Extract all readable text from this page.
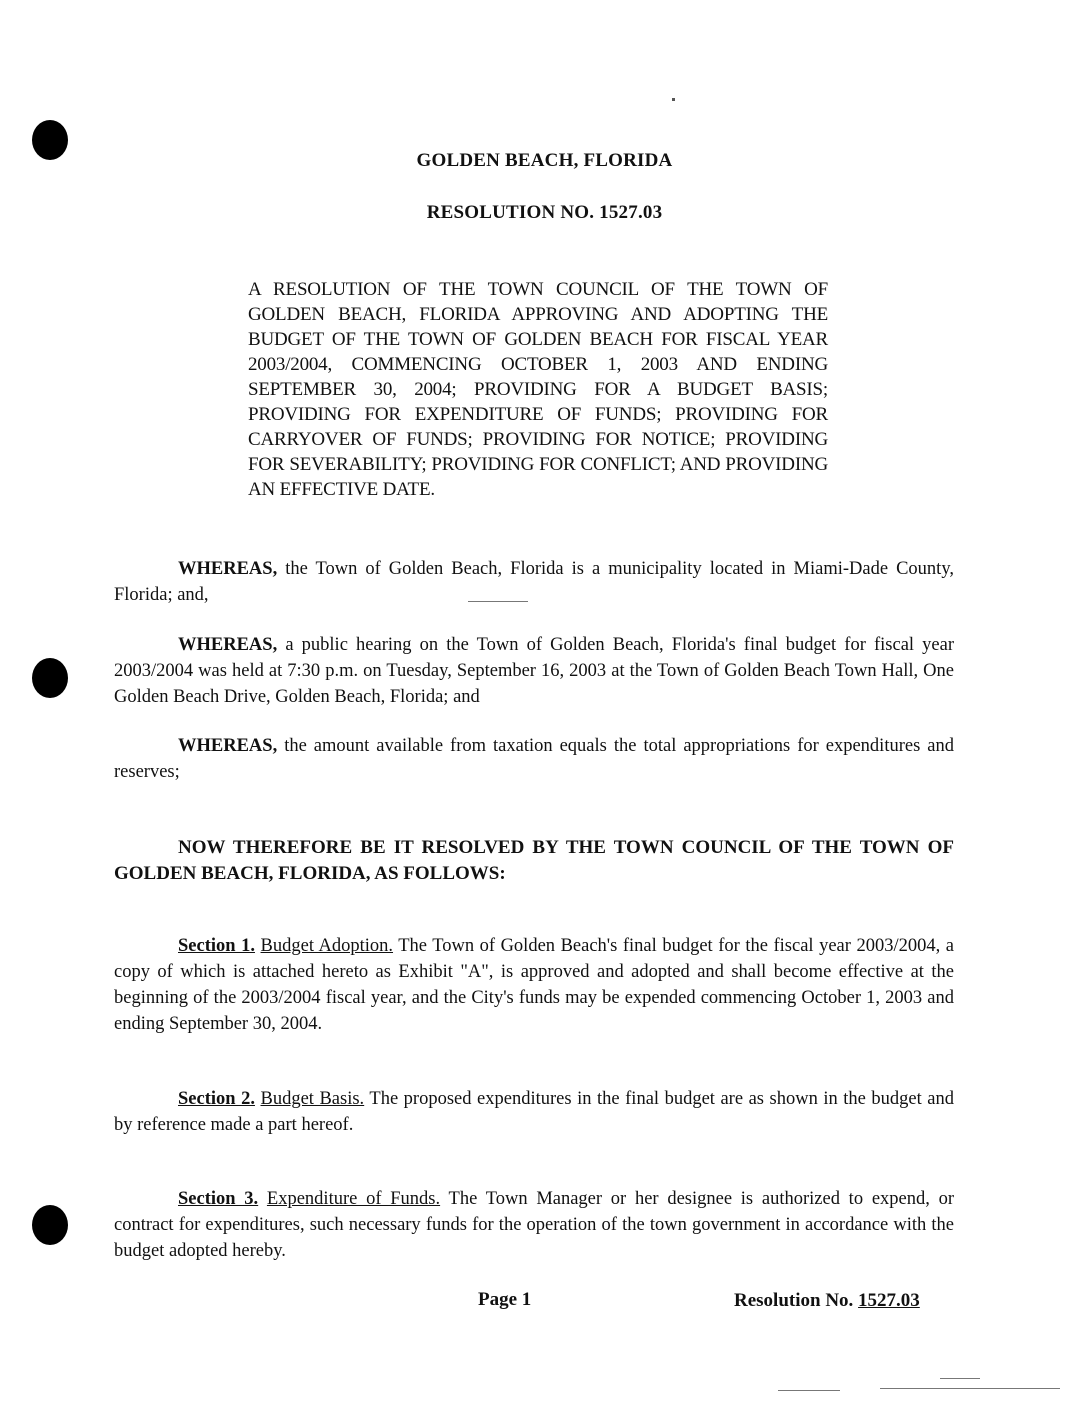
GOLDEN BEACH, FLORIDA
RESOLUTION NO. 1527.03
A RESOLUTION OF THE TOWN COUNCIL OF THE TOWN OF GOLDEN BEACH, FLORIDA APPROVING AND ADOPTING THE BUDGET OF THE TOWN OF GOLDEN BEACH FOR FISCAL YEAR 2003/2004, COMMENCING OCTOBER 1, 2003 AND ENDING SEPTEMBER 30, 2004; PROVIDING FOR A BUDGET BASIS; PROVIDING FOR EXPENDITURE OF FUNDS; PROVIDING FOR CARRYOVER OF FUNDS; PROVIDING FOR NOTICE; PROVIDING FOR SEVERABILITY; PROVIDING FOR CONFLICT; AND PROVIDING AN EFFECTIVE DATE.
WHEREAS, the Town of Golden Beach, Florida is a municipality located in Miami-Dade County, Florida; and,
WHEREAS, a public hearing on the Town of Golden Beach, Florida's final budget for fiscal year 2003/2004 was held at 7:30 p.m. on Tuesday, September 16, 2003 at the Town of Golden Beach Town Hall, One Golden Beach Drive, Golden Beach, Florida; and
WHEREAS, the amount available from taxation equals the total appropriations for expenditures and reserves;
NOW THEREFORE BE IT RESOLVED BY THE TOWN COUNCIL OF THE TOWN OF GOLDEN BEACH, FLORIDA, AS FOLLOWS:
Section 1. Budget Adoption. The Town of Golden Beach's final budget for the fiscal year 2003/2004, a copy of which is attached hereto as Exhibit "A", is approved and adopted and shall become effective at the beginning of the 2003/2004 fiscal year, and the City's funds may be expended commencing October 1, 2003 and ending September 30, 2004.
Section 2. Budget Basis. The proposed expenditures in the final budget are as shown in the budget and by reference made a part hereof.
Section 3. Expenditure of Funds. The Town Manager or her designee is authorized to expend, or contract for expenditures, such necessary funds for the operation of the town government in accordance with the budget adopted hereby.
Page 1	Resolution No. 1527.03
